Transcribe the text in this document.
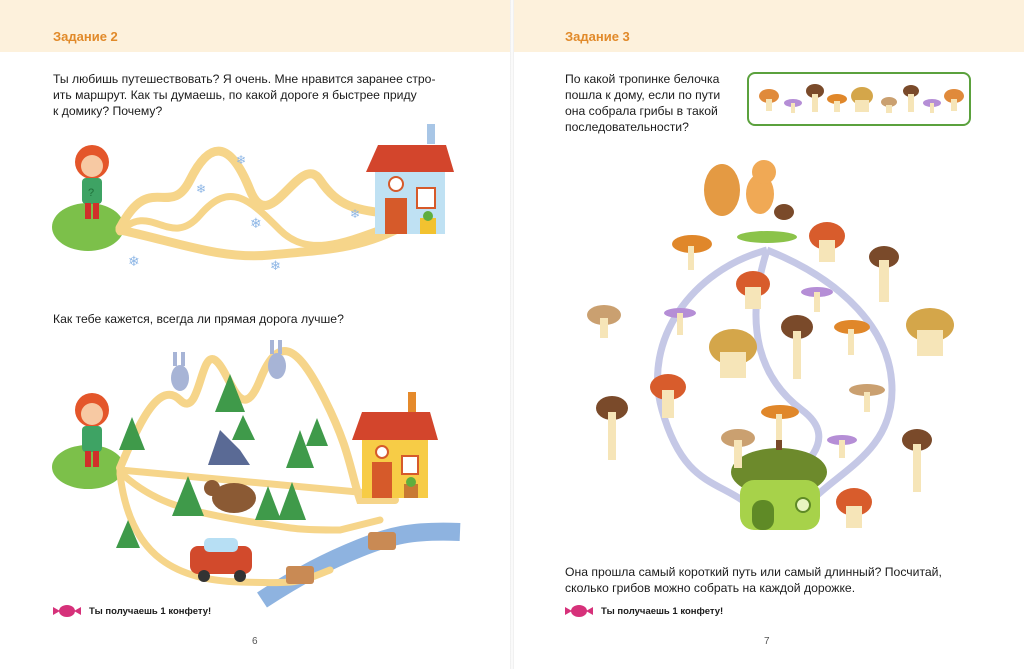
Задание 2
Ты любишь путешествовать? Я очень. Мне нравится заранее стро-
ить маршрут. Как ты думаешь, по какой дороге я быстрее приду
к домику? Почему?
❄
❄
❄
❄	❄
❄
?
Как тебе кажется, всегда ли прямая дорога лучше?
Ты получаешь 1 конфету!
6
Задание 3
По какой тропинке белочка
пошла к дому, если по пути
она собрала грибы в такой
последовательности?
Она прошла самый короткий путь или самый длинный? Посчитай,
сколько грибов можно собрать на каждой дорожке.
Ты получаешь 1 конфету!
7
